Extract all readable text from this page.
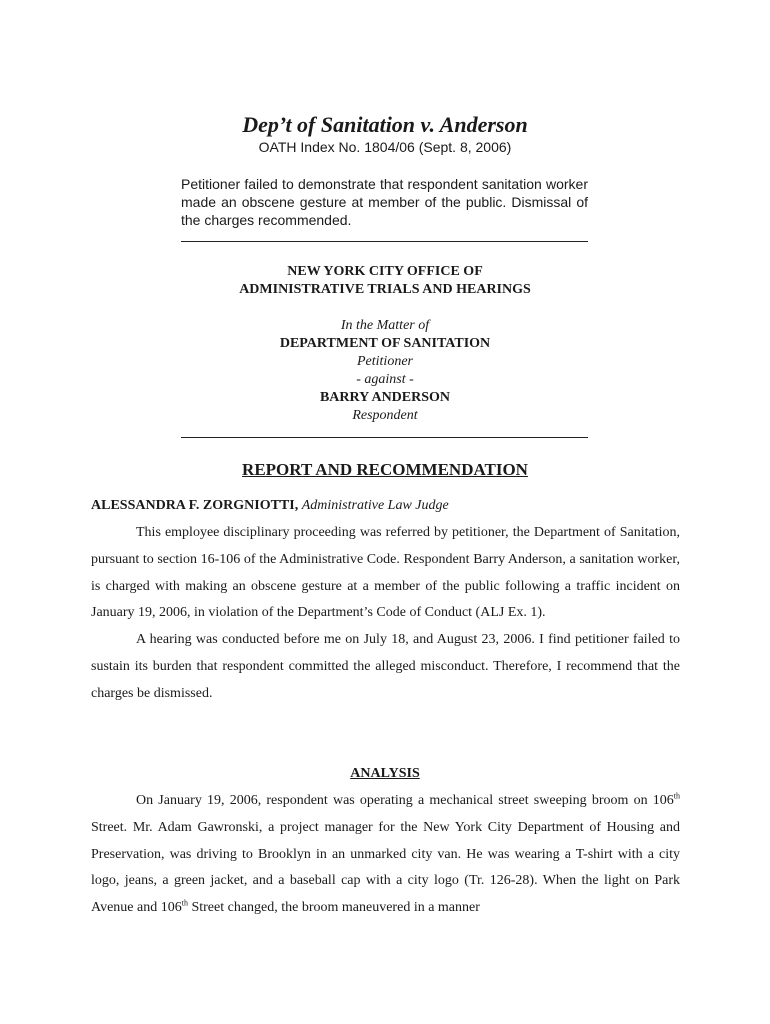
Dep’t of Sanitation v. Anderson
OATH Index No. 1804/06 (Sept. 8, 2006)
Petitioner failed to demonstrate that respondent sanitation worker made an obscene gesture at member of the public. Dismissal of the charges recommended.
NEW YORK CITY OFFICE OF
ADMINISTRATIVE TRIALS AND HEARINGS
In the Matter of
DEPARTMENT OF SANITATION
Petitioner
- against -
BARRY ANDERSON
Respondent
REPORT AND RECOMMENDATION
ALESSANDRA F. ZORGNIOTTI, Administrative Law Judge

This employee disciplinary proceeding was referred by petitioner, the Department of Sanitation, pursuant to section 16-106 of the Administrative Code. Respondent Barry Anderson, a sanitation worker, is charged with making an obscene gesture at a member of the public following a traffic incident on January 19, 2006, in violation of the Department’s Code of Conduct (ALJ Ex. 1).

A hearing was conducted before me on July 18, and August 23, 2006. I find petitioner failed to sustain its burden that respondent committed the alleged misconduct. Therefore, I recommend that the charges be dismissed.

ANALYSIS

On January 19, 2006, respondent was operating a mechanical street sweeping broom on 106th Street. Mr. Adam Gawronski, a project manager for the New York City Department of Housing and Preservation, was driving to Brooklyn in an unmarked city van. He was wearing a T-shirt with a city logo, jeans, a green jacket, and a baseball cap with a city logo (Tr. 126-28). When the light on Park Avenue and 106th Street changed, the broom maneuvered in a manner
